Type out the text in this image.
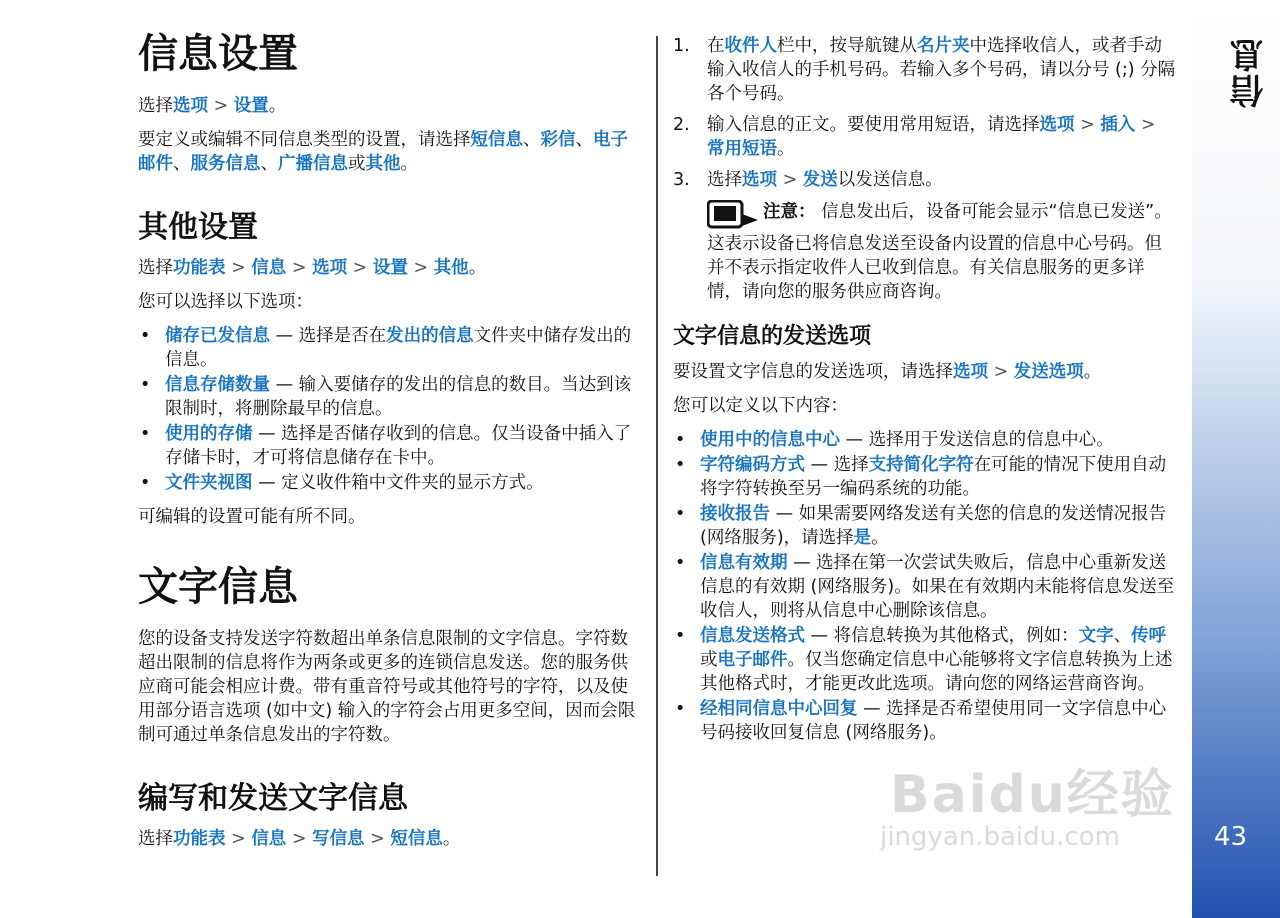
信息设置

选择选项 > 设置。

要定义或编辑不同信息类型的设置，请选择短信息、彩信、电子邮件、服务信息、广播信息或其他。

其他设置

选择功能表 > 信息 > 选项 > 设置 > 其他。

您可以选择以下选项：

• 储存已发信息 — 选择是否在发出的信息文件夹中储存发出的信息。
• 信息存储数量 — 输入要储存的发出的信息的数目。当达到该限制时，将删除最早的信息。
• 使用的存储 — 选择是否储存收到的信息。仅当设备中插入了存储卡时，才可将信息储存在卡中。
• 文件夹视图 — 定义收件箱中文件夹的显示方式。

可编辑的设置可能有所不同。

文字信息

您的设备支持发送字符数超出单条信息限制的文字信息。字符数超出限制的信息将作为两条或更多的连锁信息发送。您的服务供应商可能会相应计费。带有重音符号或其他符号的字符，以及使用部分语言选项 (如中文) 输入的字符会占用更多空间，因而会限制可通过单条信息发出的字符数。

编写和发送文字信息

选择功能表 > 信息 > 写信息 > 短信息。

1. 在收件人栏中，按导航键从名片夹中选择收信人，或者手动输入收信人的手机号码。若输入多个号码，请以分号 (;) 分隔各个号码。
2. 输入信息的正文。要使用常用短语，请选择选项 > 插入 > 常用短语。
3. 选择选项 > 发送以发送信息。

注意： 信息发出后，设备可能会显示“信息已发送”。这表示设备已将信息发送至设备内设置的信息中心号码。但并不表示指定收件人已收到信息。有关信息服务的更多详情，请向您的服务供应商咨询。

文字信息的发送选项

要设置文字信息的发送选项，请选择选项 > 发送选项。

您可以定义以下内容：

• 使用中的信息中心 — 选择用于发送信息的信息中心。
• 字符编码方式 — 选择支持简化字符在可能的情况下使用自动将字符转换至另一编码系统的功能。
• 接收报告 — 如果需要网络发送有关您的信息的发送情况报告 (网络服务)，请选择是。
• 信息有效期 — 选择在第一次尝试失败后，信息中心重新发送信息的有效期 (网络服务)。如果在有效期内未能将信息发送至收信人，则将从信息中心删除该信息。
• 信息发送格式 — 将信息转换为其他格式，例如：文字、传呼或电子邮件。仅当您确定信息中心能够将文字信息转换为上述其他格式时，才能更改此选项。请向您的网络运营商咨询。
• 经相同信息中心回复 — 选择是否希望使用同一文字信息中心号码接收回复信息 (网络服务)。
信息
43
Baidu经验
jingyan.baidu.com
